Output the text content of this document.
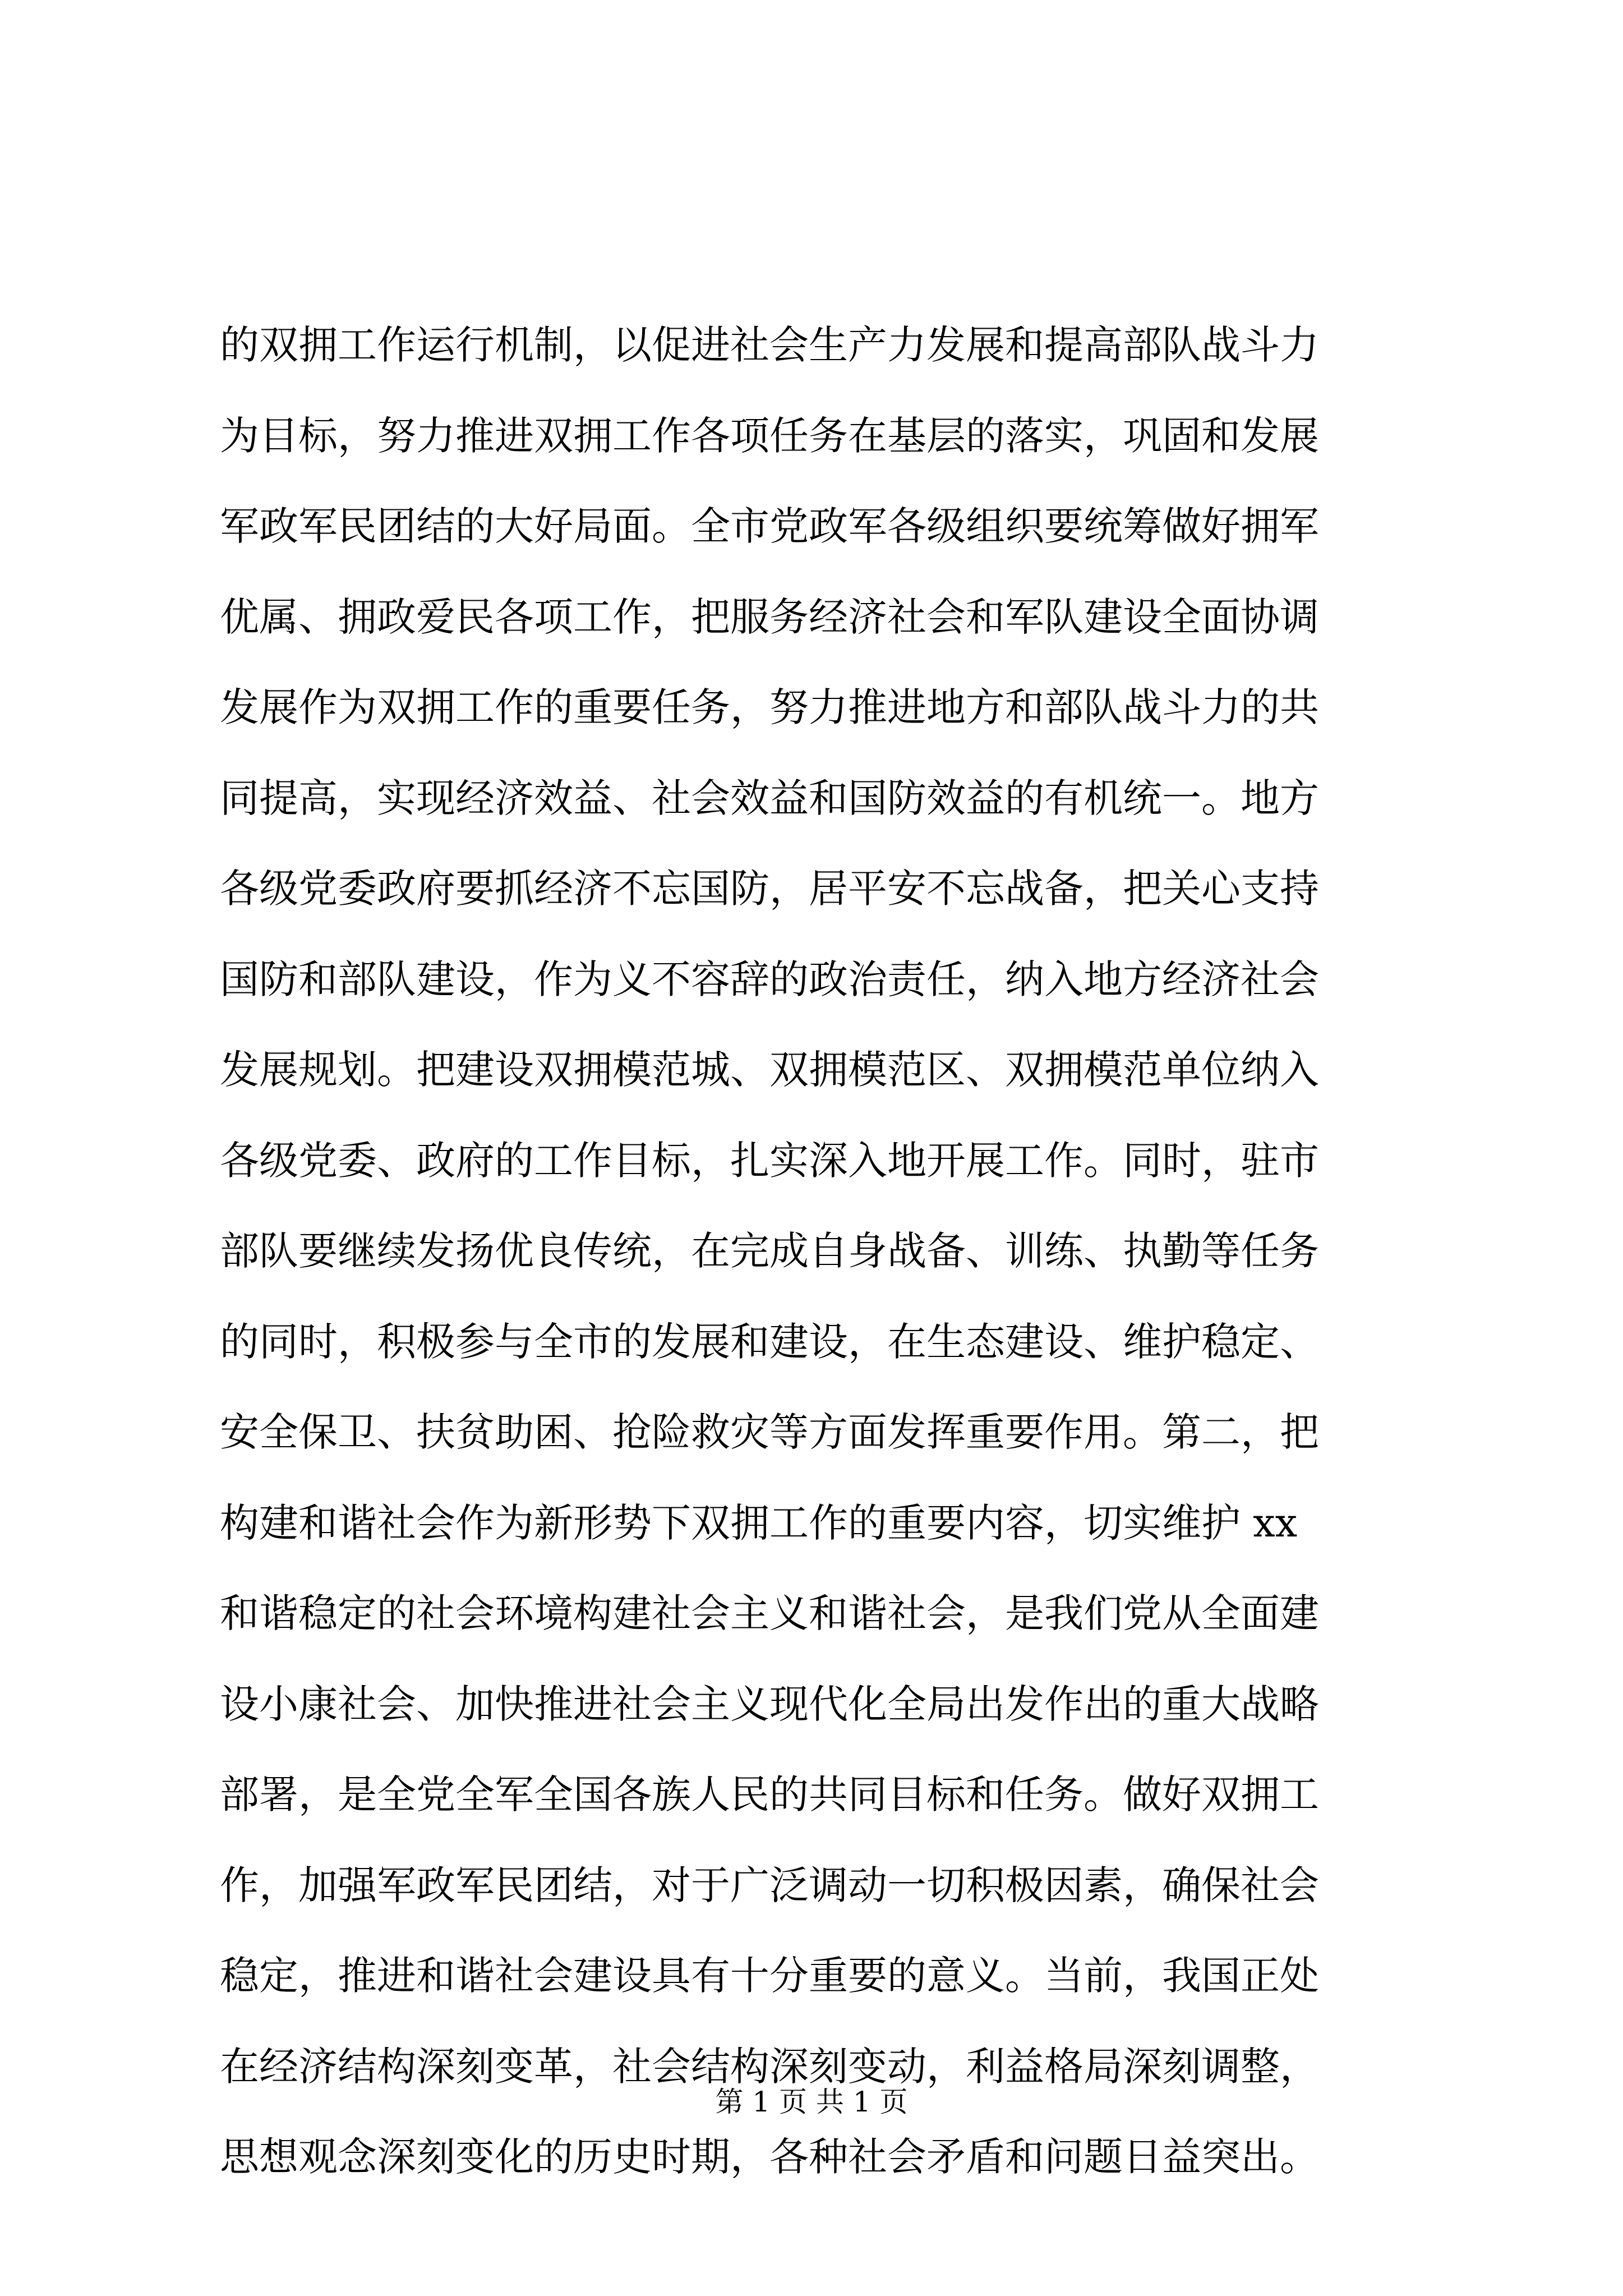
的双拥工作运行机制，以促进社会生产力发展和提高部队战斗力
为目标，努力推进双拥工作各项任务在基层的落实，巩固和发展
军政军民团结的大好局面。全市党政军各级组织要统筹做好拥军
优属、拥政爱民各项工作，把服务经济社会和军队建设全面协调
发展作为双拥工作的重要任务，努力推进地方和部队战斗力的共
同提高，实现经济效益、社会效益和国防效益的有机统一。地方
各级党委政府要抓经济不忘国防，居平安不忘战备，把关心支持
国防和部队建设，作为义不容辞的政治责任，纳入地方经济社会
发展规划。把建设双拥模范城、双拥模范区、双拥模范单位纳入
各级党委、政府的工作目标，扎实深入地开展工作。同时，驻市
部队要继续发扬优良传统，在完成自身战备、训练、执勤等任务
的同时，积极参与全市的发展和建设，在生态建设、维护稳定、
安全保卫、扶贫助困、抢险救灾等方面发挥重要作用。第二，把
构建和谐社会作为新形势下双拥工作的重要内容，切实维护 xx
和谐稳定的社会环境构建社会主义和谐社会，是我们党从全面建
设小康社会、加快推进社会主义现代化全局出发作出的重大战略
部署，是全党全军全国各族人民的共同目标和任务。做好双拥工
作，加强军政军民团结，对于广泛调动一切积极因素，确保社会
稳定，推进和谐社会建设具有十分重要的意义。当前，我国正处
在经济结构深刻变革，社会结构深刻变动，利益格局深刻调整，
思想观念深刻变化的历史时期，各种社会矛盾和问题日益突出。
第 1 页 共 1 页
